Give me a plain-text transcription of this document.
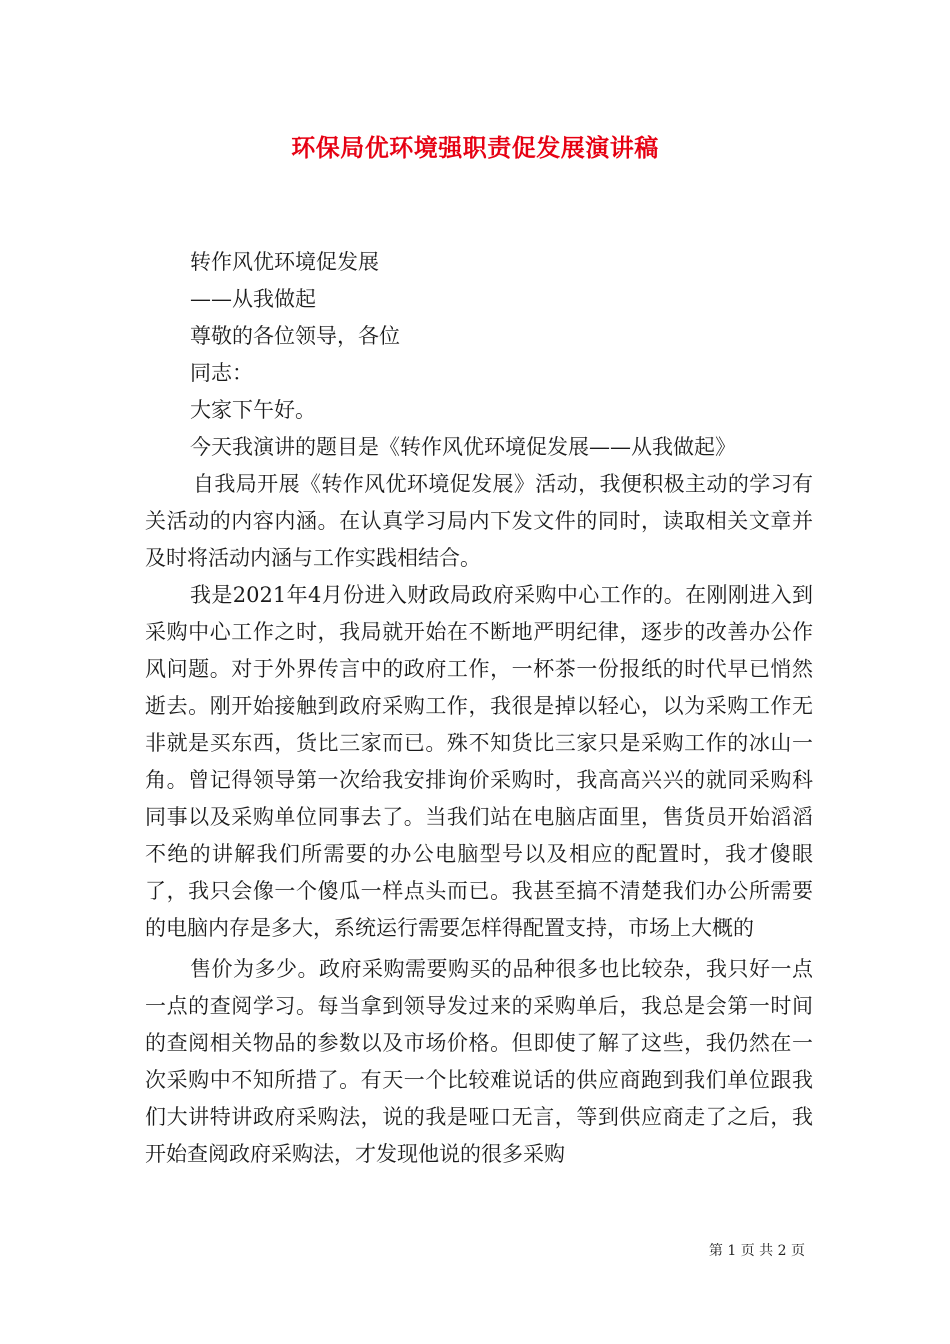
环保局优环境强职责促发展演讲稿

转作风优环境促发展

——从我做起

尊敬的各位领导，各位

同志：

大家下午好。

今天我演讲的题目是《转作风优环境促发展——从我做起》

自我局开展《转作风优环境促发展》活动，我便积极主动的学习有关活动的内容内涵。在认真学习局内下发文件的同时，读取相关文章并及时将活动内涵与工作实践相结合。

我是2021年4月份进入财政局政府采购中心工作的。在刚刚进入到采购中心工作之时，我局就开始在不断地严明纪律，逐步的改善办公作风问题。对于外界传言中的政府工作，一杯茶一份报纸的时代早已悄然逝去。刚开始接触到政府采购工作，我很是掉以轻心，以为采购工作无非就是买东西，货比三家而已。殊不知货比三家只是采购工作的冰山一角。曾记得领导第一次给我安排询价采购时，我高高兴兴的就同采购科同事以及采购单位同事去了。当我们站在电脑店面里，售货员开始滔滔不绝的讲解我们所需要的办公电脑型号以及相应的配置时，我才傻眼了，我只会像一个傻瓜一样点头而已。我甚至搞不清楚我们办公所需要的电脑内存是多大，系统运行需要怎样得配置支持，市场上大概的

售价为多少。政府采购需要购买的品种很多也比较杂，我只好一点一点的查阅学习。每当拿到领导发过来的采购单后，我总是会第一时间的查阅相关物品的参数以及市场价格。但即使了解了这些，我仍然在一次采购中不知所措了。有天一个比较难说话的供应商跑到我们单位跟我们大讲特讲政府采购法，说的我是哑口无言，等到供应商走了之后，我开始查阅政府采购法，才发现他说的很多采购

第 1 页 共 2 页
